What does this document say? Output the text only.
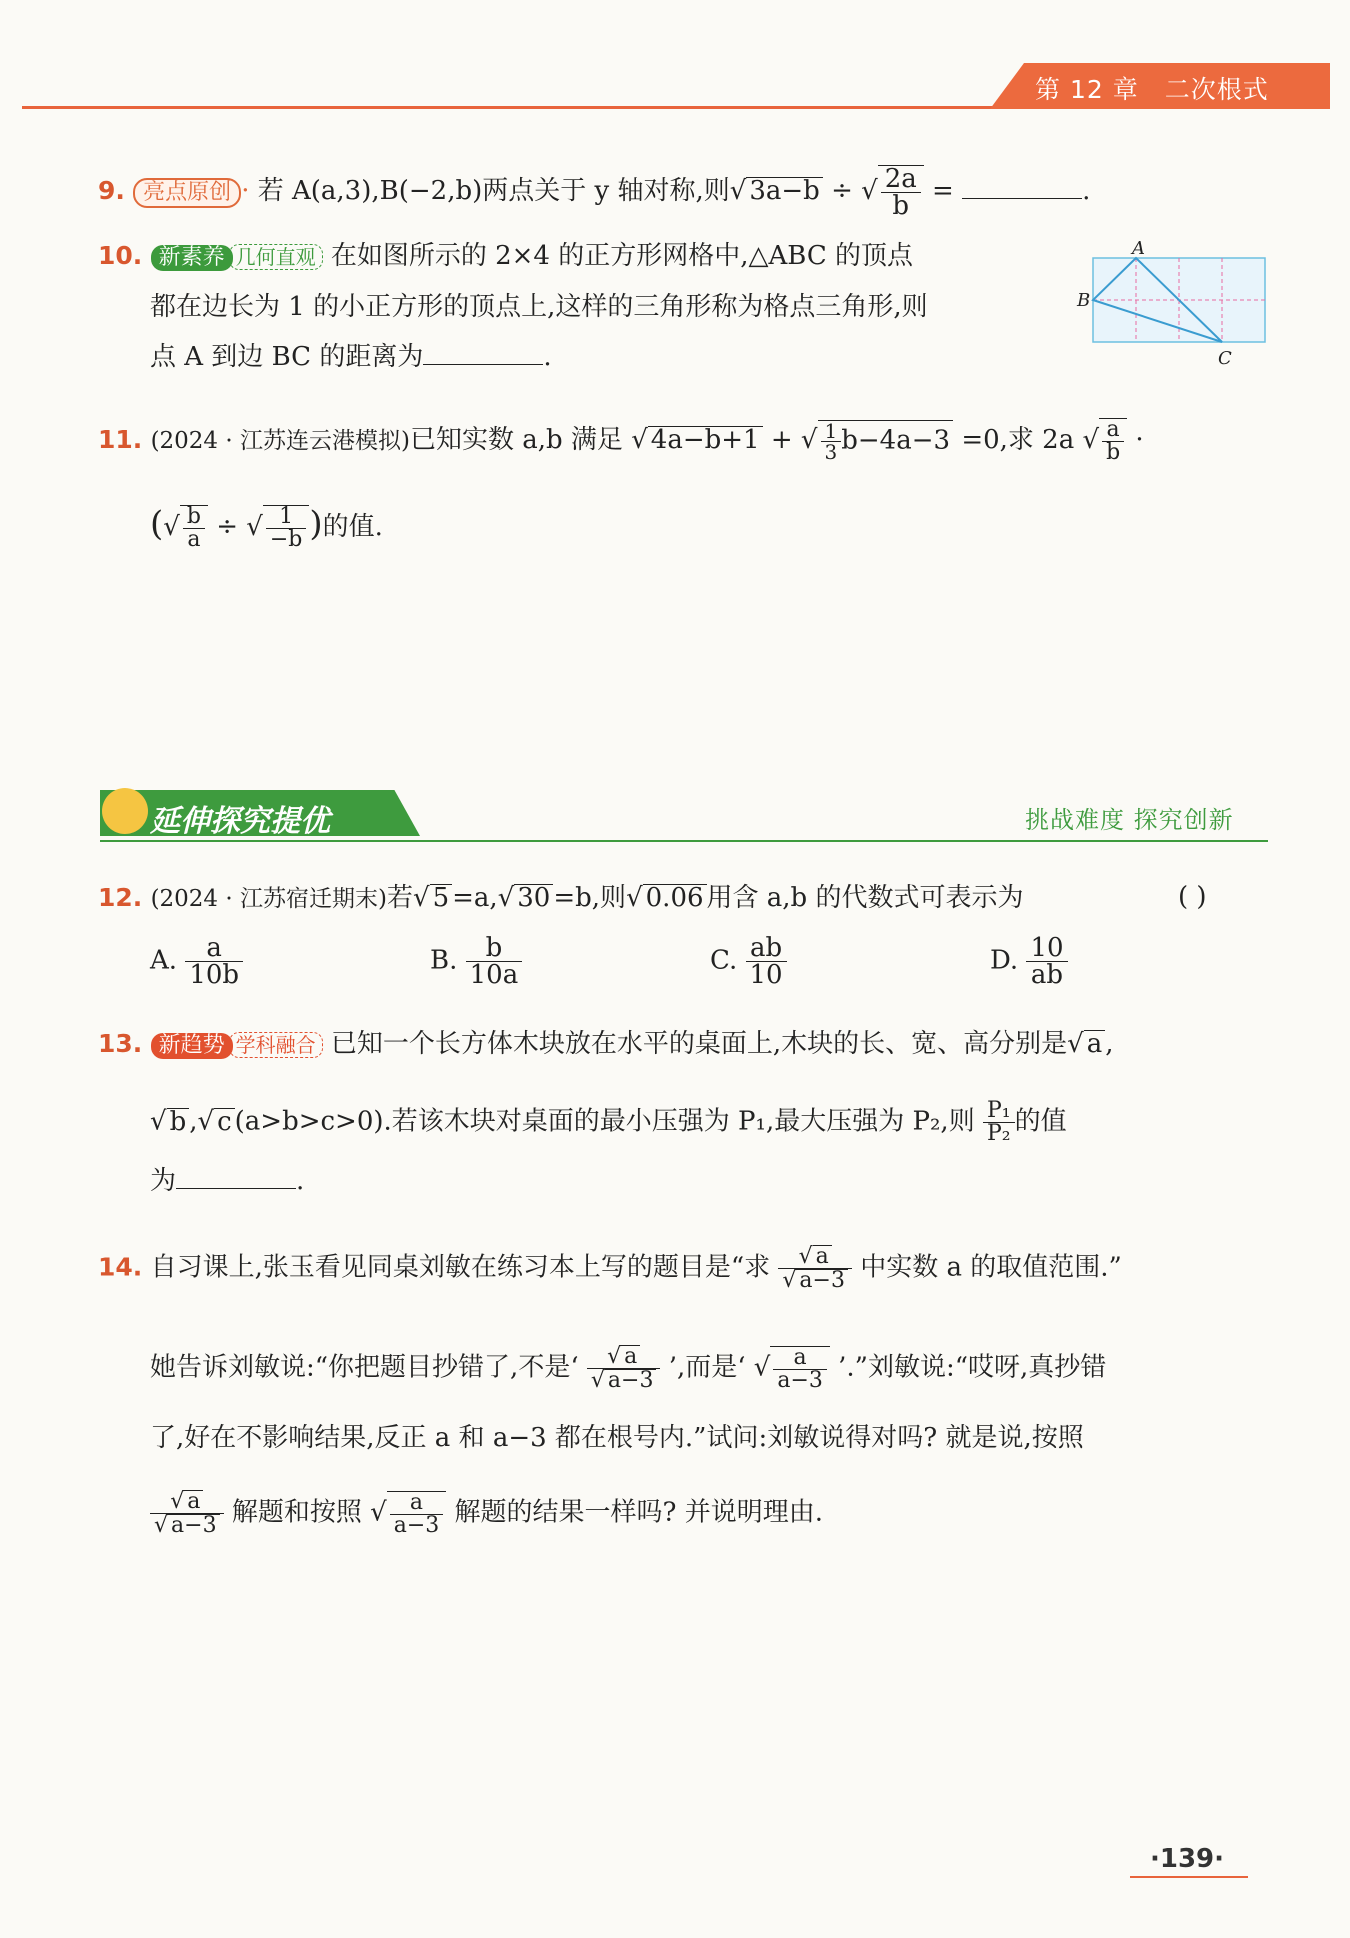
第 12 章 二次根式
9. 亮点原创 · 若 A(a,3),B(−2,b)两点关于 y 轴对称,则√ 3a−b ÷ √ $\frac{2a}{b}$ =	.
10. 新素养 几何直观 在如图所示的 2×4 的正方形网格中,△ABC 的顶点
都在边长为 1 的小正方形的顶点上,这样的三角形称为格点三角形,则
点 A 到边 BC 的距离为	.
A
B
C
11. (2024 · 江苏连云港模拟)已知实数 a,b 满足 √ 4a−b+1 + √ $\frac{1}{3} b-4a-3 =0$,求 2a √ $\frac{a}{b}$ ·
(√ $\frac{b}{a}$ ÷ √ $\frac{1}{-b}$ )的值.
延伸探究提优	挑战难度 探究创新
12. (2024 · 江苏宿迁期末)若√ 5 =a,√ 30 =b,则√ 0.06 用含 a,b 的代数式可表示为	( )
A. $\frac{a}{10b}$	B. $\frac{b}{10a}$	C. $\frac{ab}{10}$	D. $\frac{10}{ab}$
13. 新趋势 学科融合 已知一个长方体木块放在水平的桌面上,木块的长、宽、高分别是√ a ,
√ b ,√ c (a>b>c>0).若该木块对桌面的最小压强为 P₁,最大压强为 P₂,则 $\frac{\text{P₁}}{\text{P₂}}$ 的值
为	.
14. 自习课上,张玉看见同桌刘敏在练习本上写的题目是“求 $\frac{√ a}{√ a-3}$ 中实数 a 的取值范围.”
她告诉刘敏说:“你把题目抄错了,不是‘ $\frac{√ a}{√ a-3}$ ’,而是‘ √ $\frac{a}{a-3}$ ’.”刘敏说:“哎呀,真抄错
了,好在不影响结果,反正 a 和 a−3 都在根号内.”试问:刘敏说得对吗? 就是说,按照
$\frac{√ a}{√ a-3}$ 解题和按照 √ $\frac{a}{a-3}$ 解题的结果一样吗? 并说明理由.
·139·
